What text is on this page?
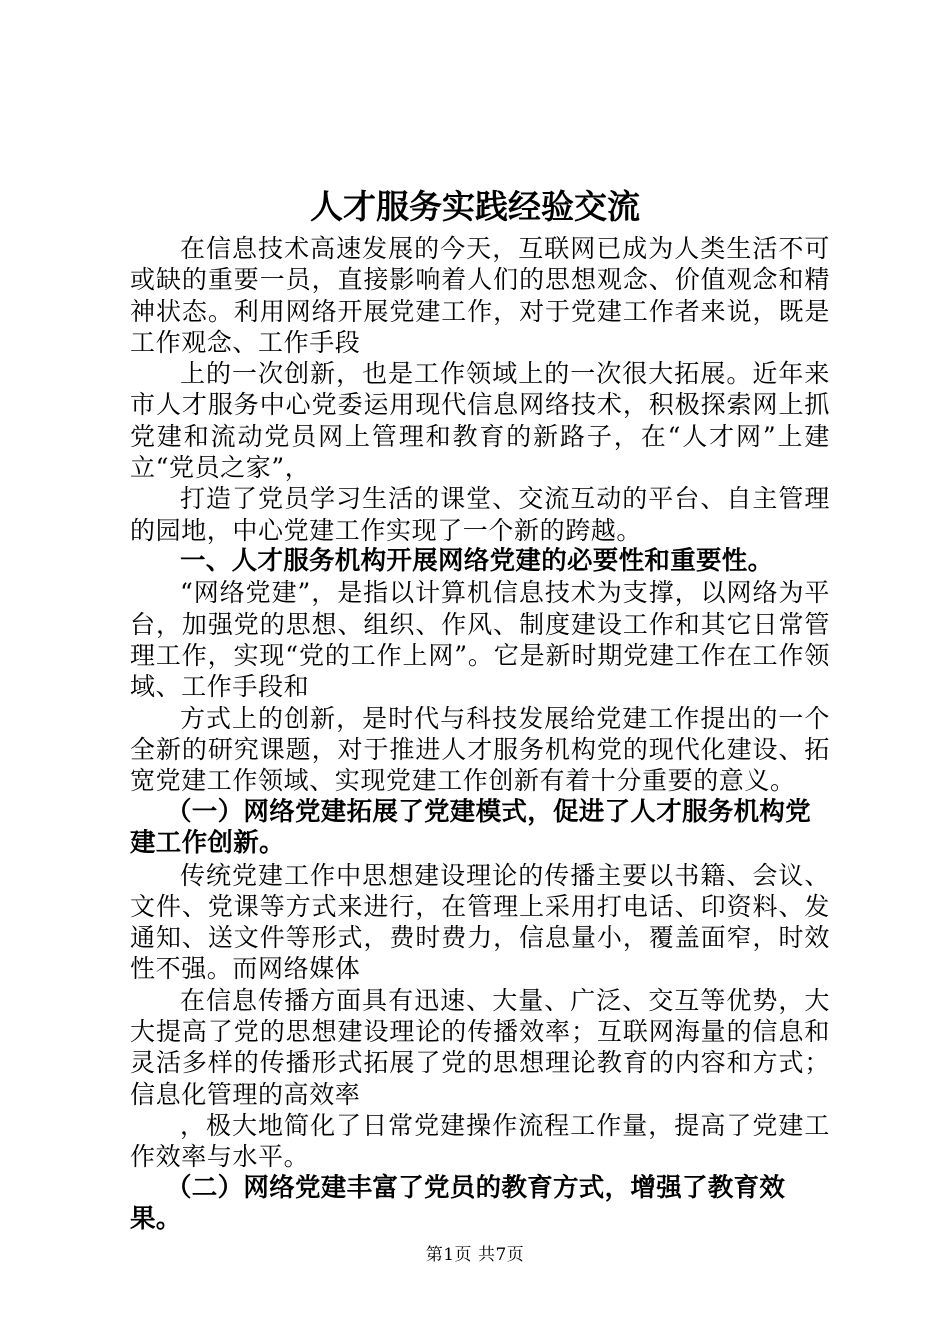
人才服务实践经验交流

在信息技术高速发展的今天，互联网已成为人类生活不可或缺的重要一员，直接影响着人们的思想观念、价值观念和精神状态。利用网络开展党建工作，对于党建工作者来说，既是工作观念、工作手段

上的一次创新，也是工作领域上的一次很大拓展。近年来市人才服务中心党委运用现代信息网络技术，积极探索网上抓党建和流动党员网上管理和教育的新路子，在“人才网”上建立“党员之家”，

打造了党员学习生活的课堂、交流互动的平台、自主管理的园地，中心党建工作实现了一个新的跨越。

一、人才服务机构开展网络党建的必要性和重要性。

“网络党建”，是指以计算机信息技术为支撑，以网络为平台，加强党的思想、组织、作风、制度建设工作和其它日常管理工作，实现“党的工作上网”。它是新时期党建工作在工作领域、工作手段和

方式上的创新，是时代与科技发展给党建工作提出的一个全新的研究课题，对于推进人才服务机构党的现代化建设、拓宽党建工作领域、实现党建工作创新有着十分重要的意义。

（一）网络党建拓展了党建模式，促进了人才服务机构党建工作创新。

传统党建工作中思想建设理论的传播主要以书籍、会议、文件、党课等方式来进行，在管理上采用打电话、印资料、发通知、送文件等形式，费时费力，信息量小，覆盖面窄，时效性不强。而网络媒体

在信息传播方面具有迅速、大量、广泛、交互等优势，大大提高了党的思想建设理论的传播效率；互联网海量的信息和灵活多样的传播形式拓展了党的思想理论教育的内容和方式；信息化管理的高效率

，极大地简化了日常党建操作流程工作量，提高了党建工作效率与水平。

（二）网络党建丰富了党员的教育方式，增强了教育效果。

第1页 共7页
